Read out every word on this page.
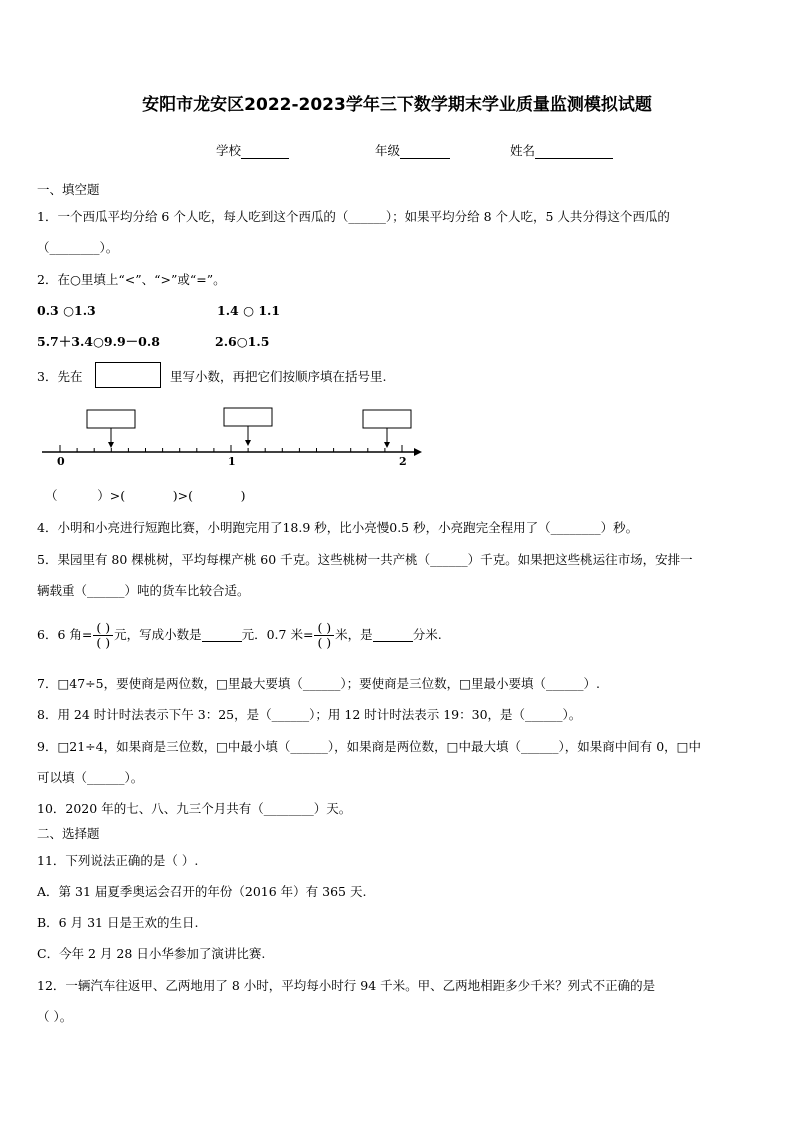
安阳市龙安区2022-2023学年三下数学期末学业质量监测模拟试题
学校	年级	姓名
一、填空题
1．一个西瓜平均分给 6 个人吃，每人吃到这个西瓜的（______）；如果平均分给 8 个人吃，5 人共分得这个西瓜的
（________）。
2．在○里填上“<”、“>”或“=”。
0.3 ○1.3	1.4 ○ 1.1
5.7＋3.4○9.9－0.8	2.6○1.5
3．先在	里写小数，再把它们按顺序填在括号里.
0	1	2
（          ）>(            )>(            )
4．小明和小亮进行短跑比赛，小明跑完用了18.9 秒，比小亮慢0.5 秒，小亮跑完全程用了（________）秒。
5．果园里有 80 棵桃树，平均每棵产桃 60 千克。这些桃树一共产桃（______）千克。如果把这些桃运往市场，安排一
辆载重（______）吨的货车比较合适。
6．6 角= $\frac{( )}{( )}$ 元，写成小数是	元．0.7 米= $\frac{( )}{( )}$ 米，是	分米.
7．□47÷5，要使商是两位数，□里最大要填（______）；要使商是三位数，□里最小要填（______）.
8．用 24 时计时法表示下午 3：25，是（______）；用 12 时计时法表示 19：30，是（______）。
9．□21÷4，如果商是三位数，□中最小填（______），如果商是两位数，□中最大填（______），如果商中间有 0，□中
可以填（______）。
10．2020 年的七、八、九三个月共有（________）天。
二、选择题
11．下列说法正确的是（ ）.
A．第 31 届夏季奥运会召开的年份（2016 年）有 365 天.
B．6 月 31 日是王欢的生日.
C．今年 2 月 28 日小华参加了演讲比赛.
12．一辆汽车往返甲、乙两地用了 8 小时，平均每小时行 94 千米。甲、乙两地相距多少千米？列式不正确的是
（ ）。
